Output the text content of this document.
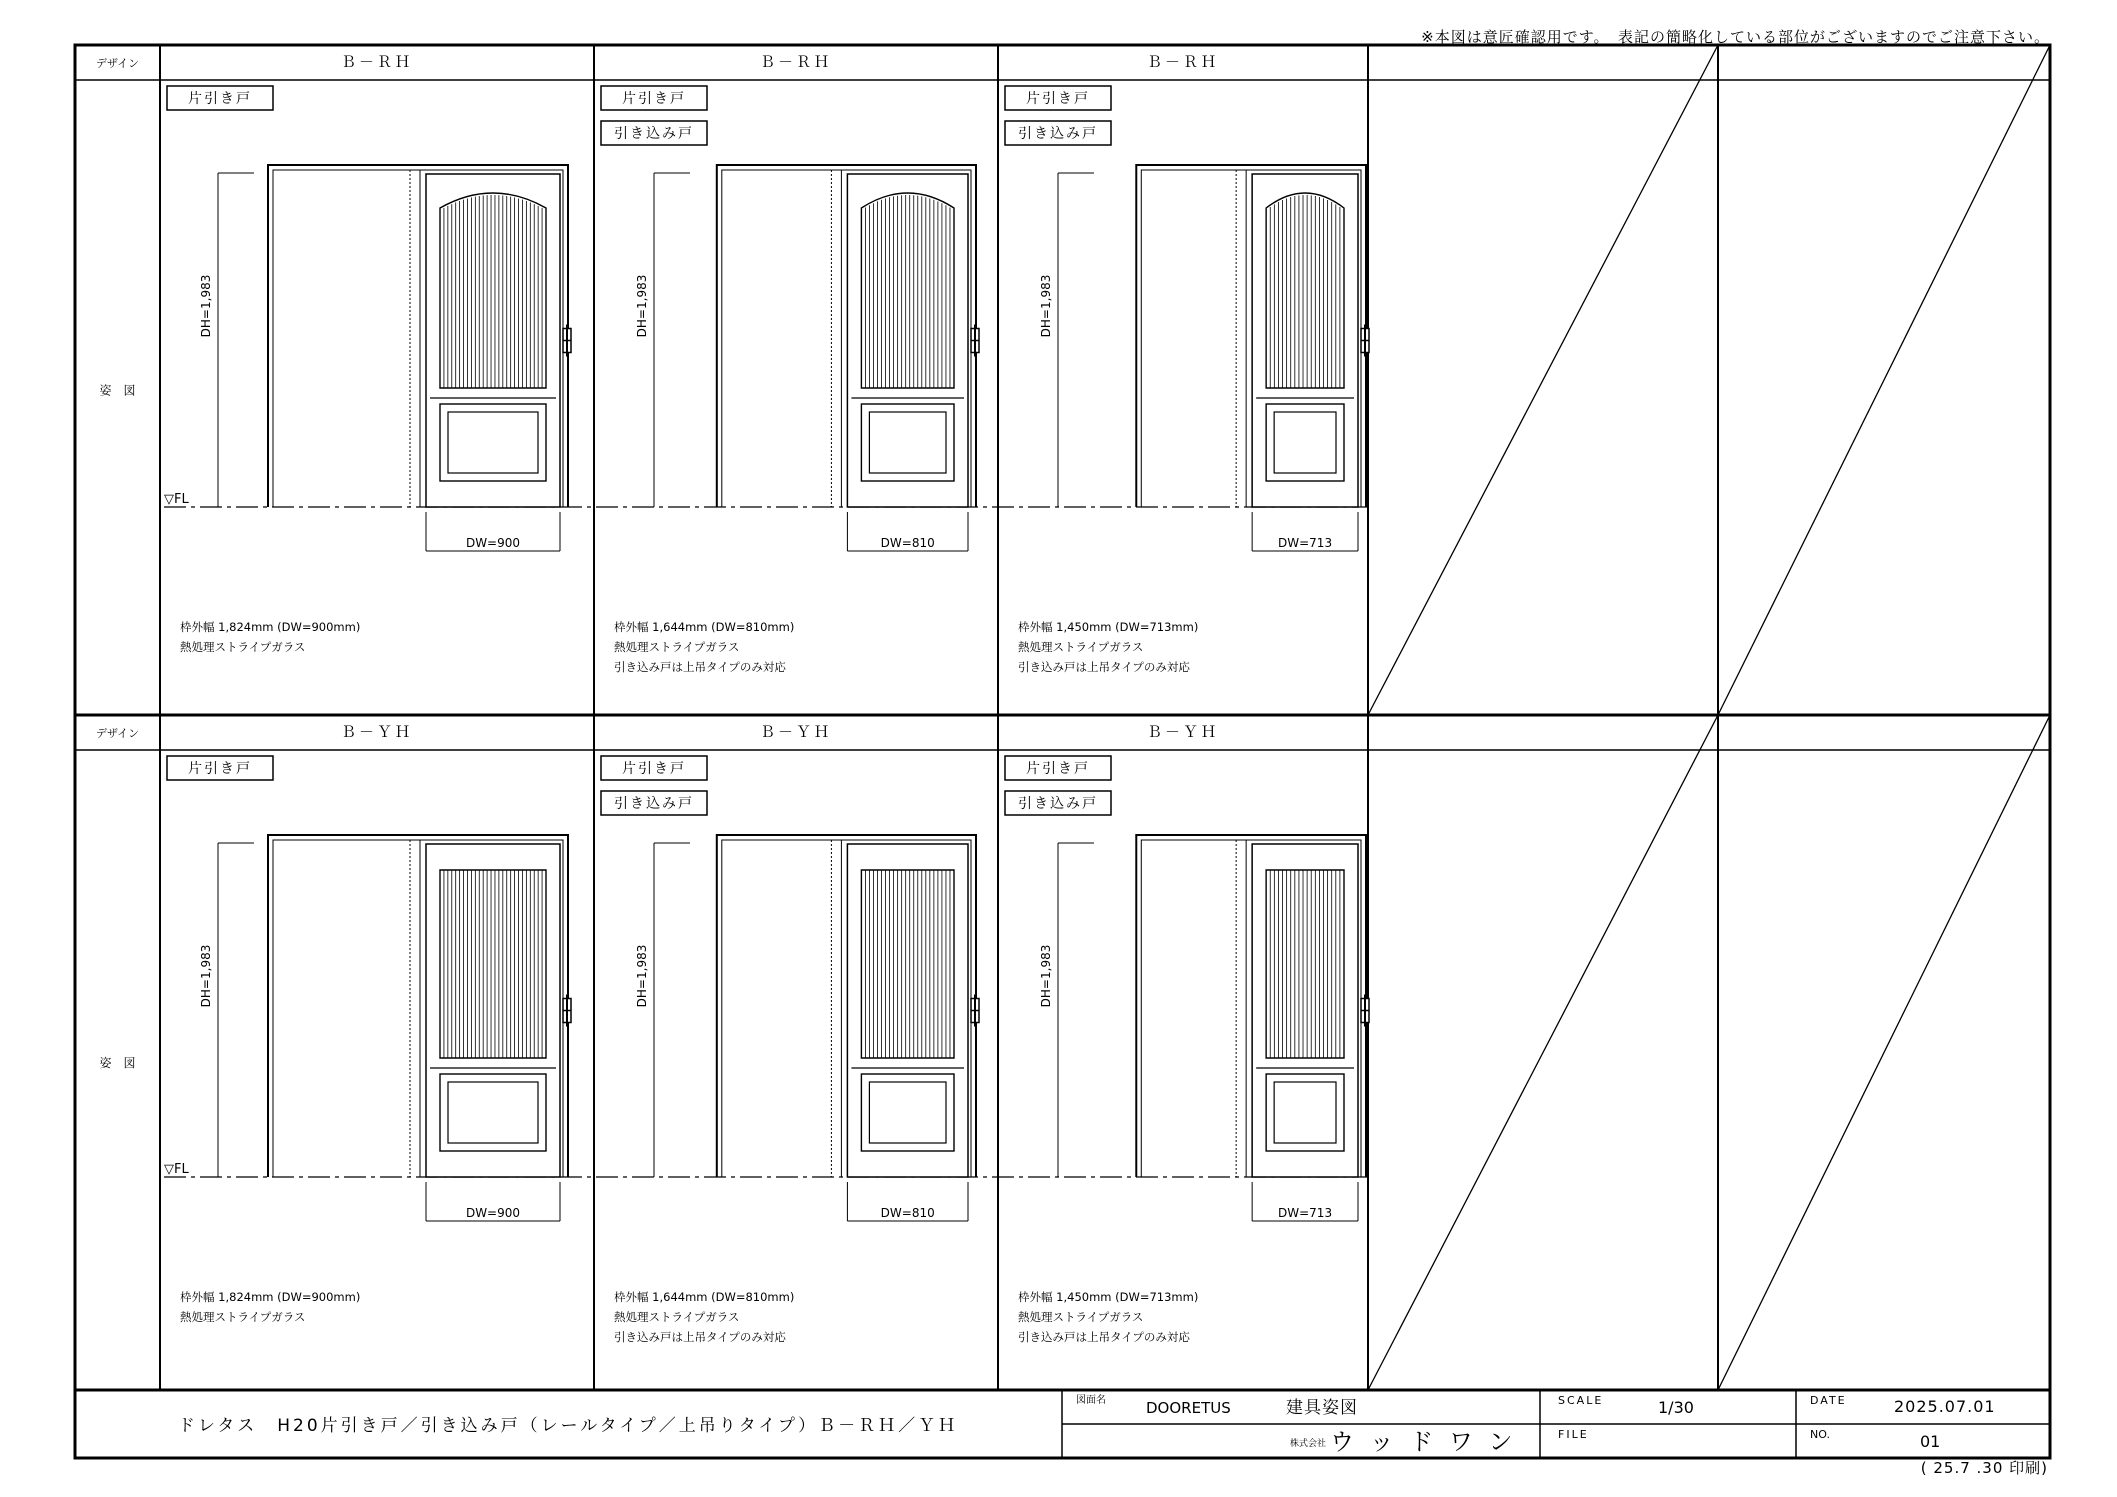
※本図は意匠確認用です。　表記の簡略化している部位がございますのでご注意下さい。
( 25.7 .30 印刷)
デザイン
姿　図
デザイン
姿　図
▽FL
Ｂ－ＲＨ
片引き戸
DH=1,983
DW=900
枠外幅 1,824mm (DW=900mm)
熱処理ストライプガラス
Ｂ－ＲＨ
片引き戸
引き込み戸
DH=1,983
DW=810
枠外幅 1,644mm (DW=810mm)
熱処理ストライプガラス
引き込み戸は上吊タイプのみ対応
Ｂ－ＲＨ
片引き戸
引き込み戸
DH=1,983
DW=713
枠外幅 1,450mm (DW=713mm)
熱処理ストライプガラス
引き込み戸は上吊タイプのみ対応
▽FL
Ｂ－ＹＨ
片引き戸
DH=1,983
DW=900
枠外幅 1,824mm (DW=900mm)
熱処理ストライプガラス
Ｂ－ＹＨ
片引き戸
引き込み戸
DH=1,983
DW=810
枠外幅 1,644mm (DW=810mm)
熱処理ストライプガラス
引き込み戸は上吊タイプのみ対応
Ｂ－ＹＨ
片引き戸
引き込み戸
DH=1,983
DW=713
枠外幅 1,450mm (DW=713mm)
熱処理ストライプガラス
引き込み戸は上吊タイプのみ対応
ドレタス　H20片引き戸／引き込み戸（レールタイプ／上吊りタイプ）Ｂ－ＲＨ／ＹＨ
図面名	DOORETUS	建具姿図
株式会社 ウ ッ ド ワ ン
SCALE	1/30
FILE
DATE	2025.07.01
NO.	01
